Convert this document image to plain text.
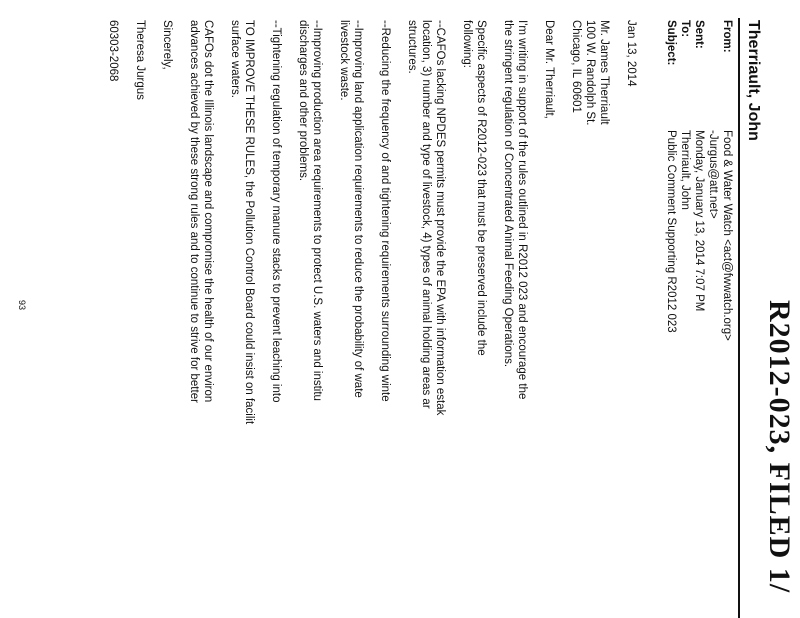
R2012-023, FILED 1/
Therriault, John
From:
Food & Water Watch <act@fwwatch.org>
-Jurgus@att.net>
Sent:
Monday, January 13, 2014 7:07 PM
To:
Therriault, John
Subject:
Public Comment Supporting R2012 023

Jan 13, 2014

Mr. James Therriault
100 W. Randolph St.
Chicago, IL 60601

Dear Mr. Therriault,

I'm writing in support of the rules outlined in R2012 023 and encourage the
the stringent regulation of Concentrated Animal Feeding Operations.
Specific aspects of R2012-023 that must be preserved include the
following:
--CAFOs lacking NPDES permits must provide the EPA with information estak
location, 3) number and type of livestock, 4) types of animal holding areas ar
structures.
--Reducing the frequency of and tightening requirements surrounding winte
--Improving land application requirements to reduce the probability of wate
livestock waste.
--Improving production area requirements to protect U.S. waters and institu
discharges and other problems.
--Tightening regulation of temporary manure stacks to prevent leaching into
TO IMPROVE THESE RULES, the Pollution Control Board could insist on facilit
surface waters.
CAFOs dot the Illinois landscape and compromise the health of our environ
advances achieved by these strong rules and to continue to strive for better

Sincerely,

Theresa Jurgus

60303-2068

93
